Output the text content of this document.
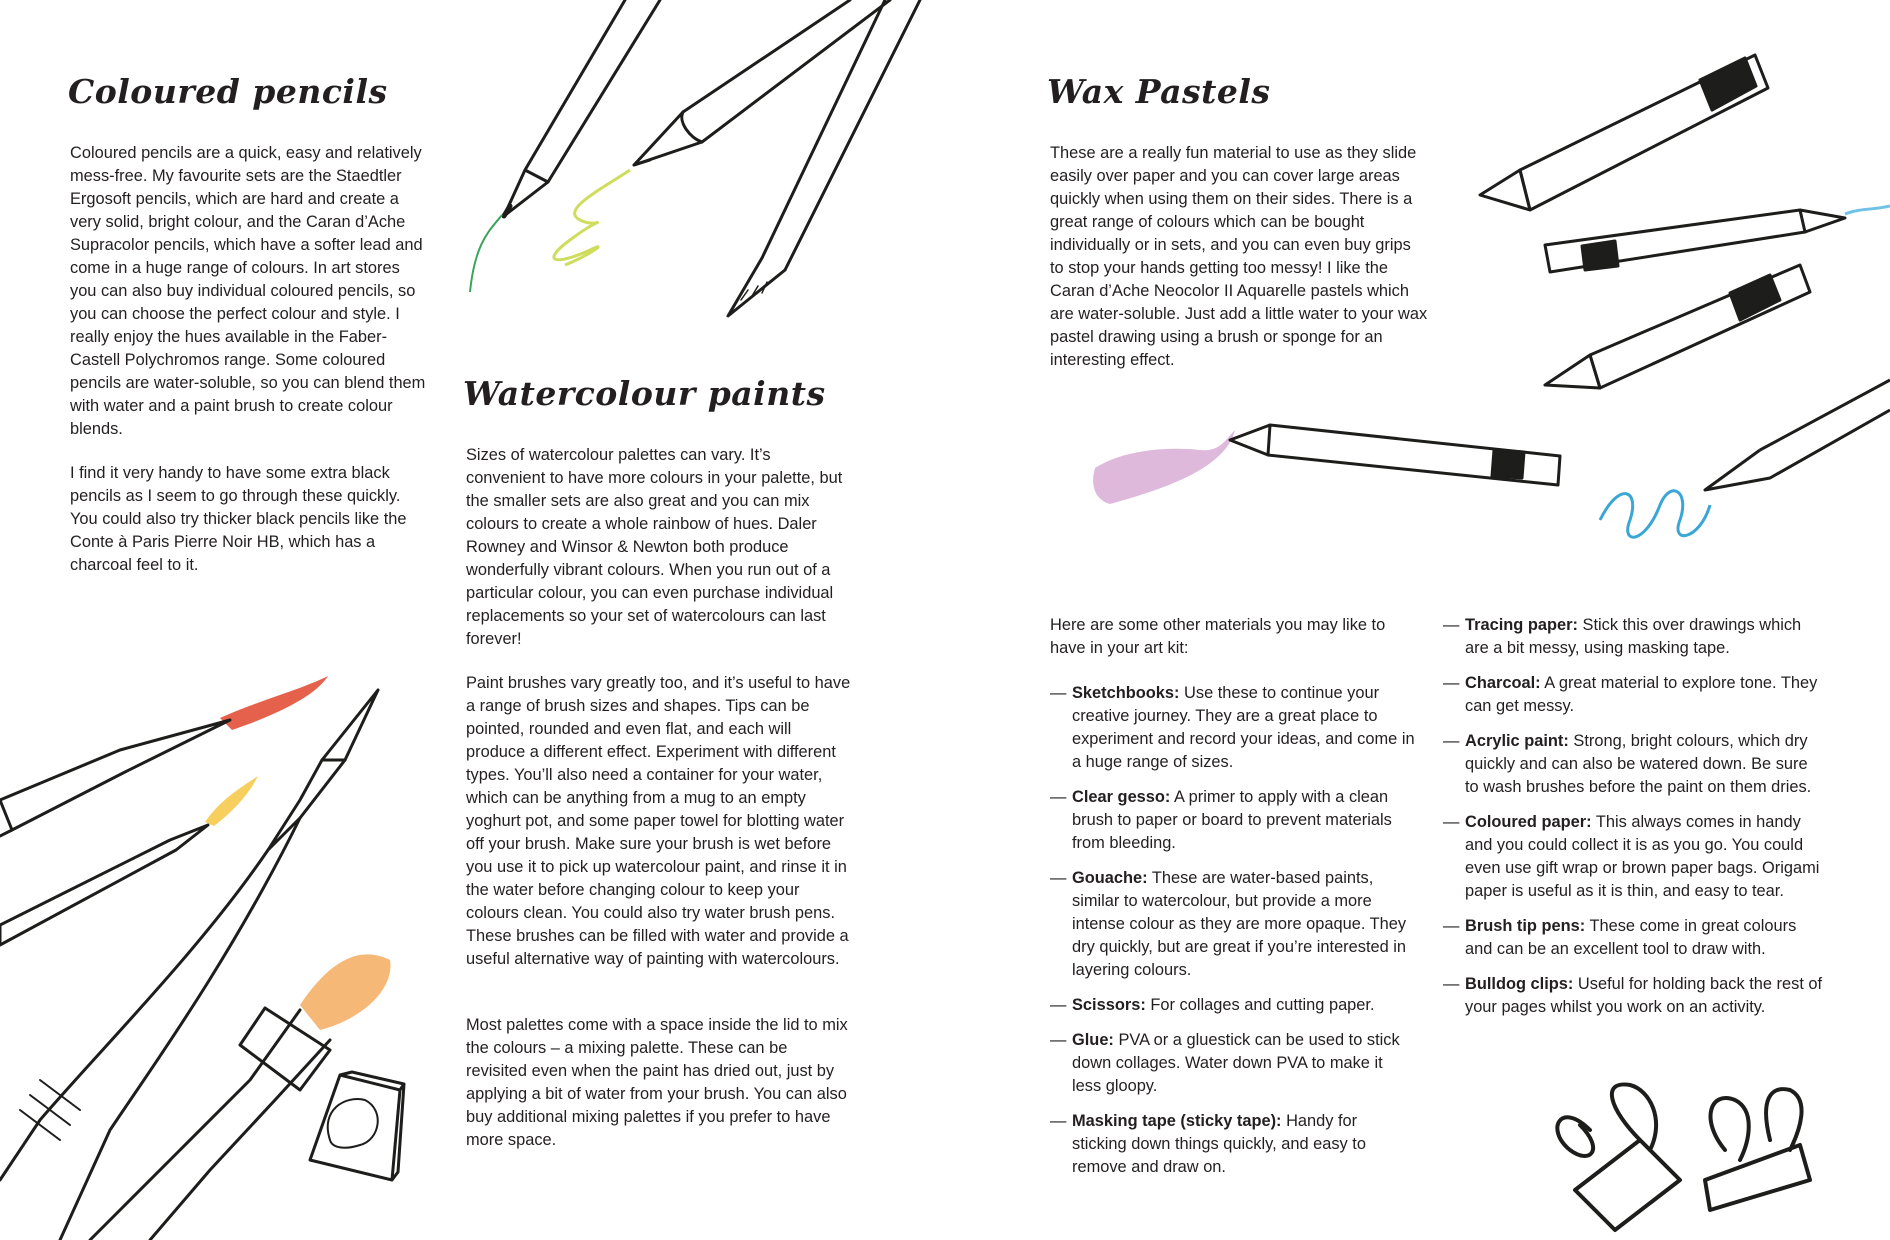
Coloured pencils

Coloured pencils are a quick, easy and relatively mess-free. My favourite sets are the Staedtler Ergosoft pencils, which are hard and create a very solid, bright colour, and the Caran d’Ache Supracolor pencils, which have a softer lead and come in a huge range of colours. In art stores you can also buy individual coloured pencils, so you can choose the perfect colour and style. I really enjoy the hues available in the Faber-Castell Polychromos range. Some coloured pencils are water-soluble, so you can blend them with water and a paint brush to create colour blends.

I find it very handy to have some extra black pencils as I seem to go through these quickly. You could also try thicker black pencils like the Conte à Paris Pierre Noir HB, which has a charcoal feel to it.

Watercolour paints

Sizes of watercolour palettes can vary. It’s convenient to have more colours in your palette, but the smaller sets are also great and you can mix colours to create a whole rainbow of hues. Daler Rowney and Winsor & Newton both produce wonderfully vibrant colours. When you run out of a particular colour, you can even purchase individual replacements so your set of watercolours can last forever!

Paint brushes vary greatly too, and it’s useful to have a range of brush sizes and shapes. Tips can be pointed, rounded and even flat, and each will produce a different effect. Experiment with different types. You’ll also need a container for your water, which can be anything from a mug to an empty yoghurt pot, and some paper towel for blotting water off your brush. Make sure your brush is wet before you use it to pick up watercolour paint, and rinse it in the water before changing colour to keep your colours clean. You could also try water brush pens. These brushes can be filled with water and provide a useful alternative way of painting with watercolours.

Most palettes come with a space inside the lid to mix the colours – a mixing palette. These can be revisited even when the paint has dried out, just by applying a bit of water from your brush. You can also buy additional mixing palettes if you prefer to have more space.

Wax Pastels

These are a really fun material to use as they slide easily over paper and you can cover large areas quickly when using them on their sides. There is a great range of colours which can be bought individually or in sets, and you can even buy grips to stop your hands getting too messy! I like the Caran d’Ache Neocolor II Aquarelle pastels which are water-soluble. Just add a little water to your wax pastel drawing using a brush or sponge for an interesting effect.

Here are some other materials you may like to have in your art kit:

— Sketchbooks: Use these to continue your creative journey. They are a great place to experiment and record your ideas, and come in a huge range of sizes.
— Clear gesso: A primer to apply with a clean brush to paper or board to prevent materials from bleeding.
— Gouache: These are water-based paints, similar to watercolour, but provide a more intense colour as they are more opaque. They dry quickly, but are great if you’re interested in layering colours.
— Scissors: For collages and cutting paper.
— Glue: PVA or a gluestick can be used to stick down collages. Water down PVA to make it less gloopy.
— Masking tape (sticky tape): Handy for sticking down things quickly, and easy to remove and draw on.
— Tracing paper: Stick this over drawings which are a bit messy, using masking tape.
— Charcoal: A great material to explore tone. They can get messy.
— Acrylic paint: Strong, bright colours, which dry quickly and can also be watered down. Be sure to wash brushes before the paint on them dries.
— Coloured paper: This always comes in handy and you could collect it is as you go. You could even use gift wrap or brown paper bags. Origami paper is useful as it is thin, and easy to tear.
— Brush tip pens: These come in great colours and can be an excellent tool to draw with.
— Bulldog clips: Useful for holding back the rest of your pages whilst you work on an activity.
